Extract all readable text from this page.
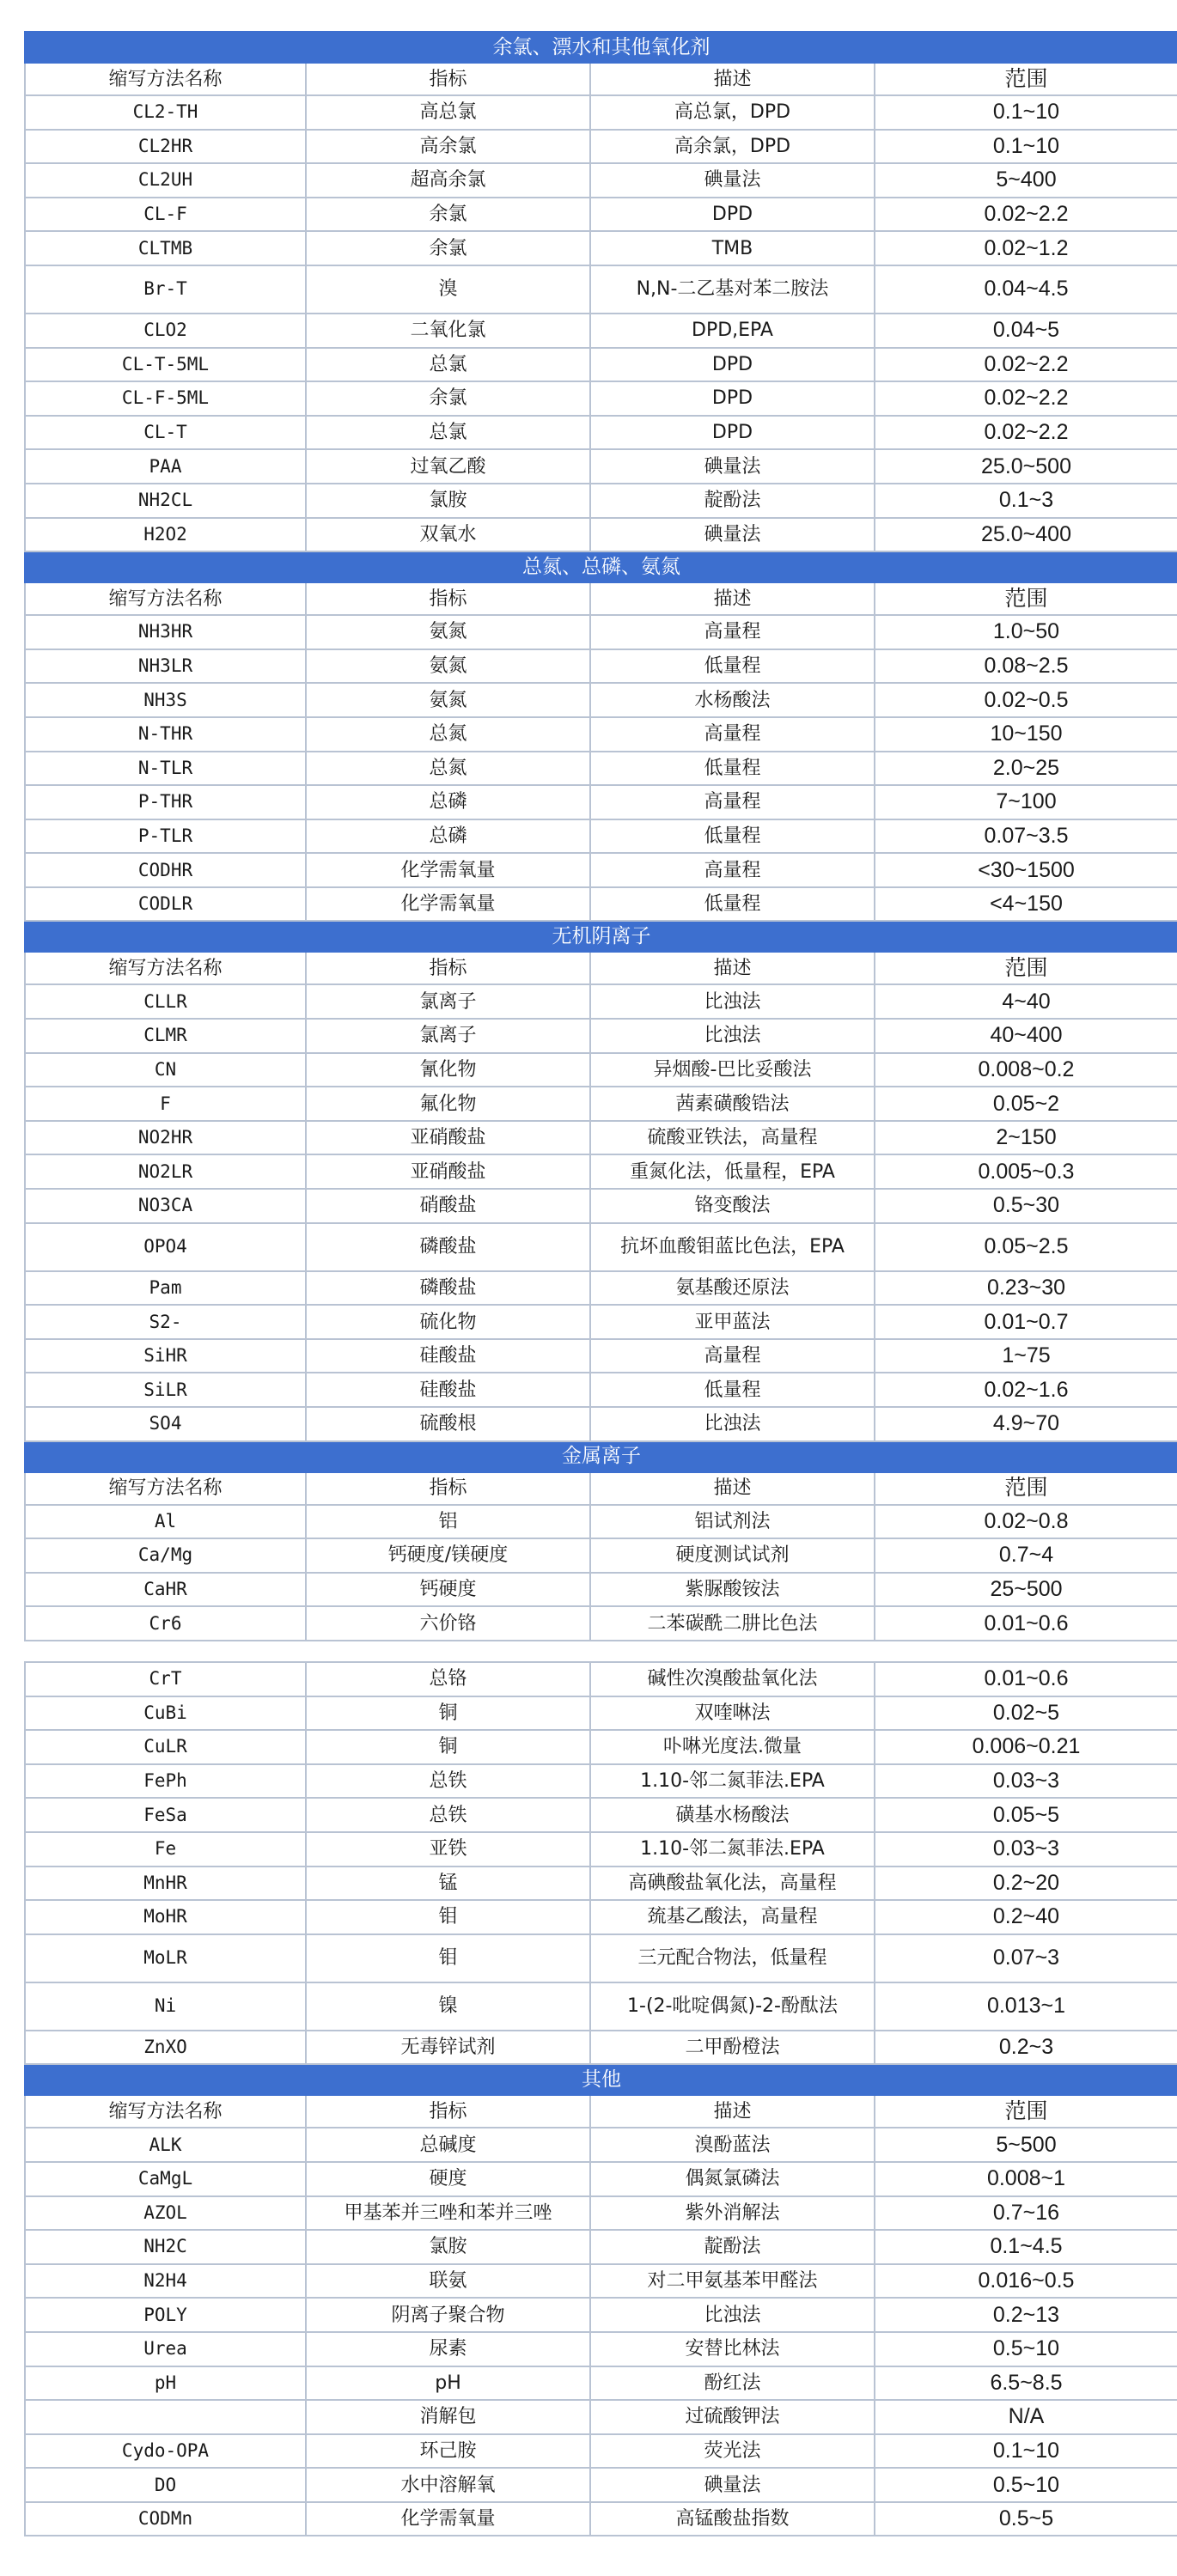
余氯、漂水和其他氧化剂			
缩写方法名称	指标	描述	范围
CL2-TH	高总氯	高总氯，DPD	0.1~10
CL2HR	高余氯	高余氯，DPD	0.1~10
CL2UH	超高余氯	碘量法	5~400
CL-F	余氯	DPD	0.02~2.2
CLTMB	余氯	TMB	0.02~1.2
Br-T	溴	N,N-二乙基对苯二胺法	0.04~4.5
CLO2	二氧化氯	DPD,EPA	0.04~5
CL-T-5ML	总氯	DPD	0.02~2.2
CL-F-5ML	余氯	DPD	0.02~2.2
CL-T	总氯	DPD	0.02~2.2
PAA	过氧乙酸	碘量法	25.0~500
NH2CL	氯胺	靛酚法	0.1~3
H2O2	双氧水	碘量法	25.0~400
总氮、总磷、氨氮			
缩写方法名称	指标	描述	范围
NH3HR	氨氮	高量程	1.0~50
NH3LR	氨氮	低量程	0.08~2.5
NH3S	氨氮	水杨酸法	0.02~0.5
N-THR	总氮	高量程	10~150
N-TLR	总氮	低量程	2.0~25
P-THR	总磷	高量程	7~100
P-TLR	总磷	低量程	0.07~3.5
CODHR	化学需氧量	高量程	<30~1500
CODLR	化学需氧量	低量程	<4~150
无机阴离子			
缩写方法名称	指标	描述	范围
CLLR	氯离子	比浊法	4~40
CLMR	氯离子	比浊法	40~400
CN	氰化物	异烟酸-巴比妥酸法	0.008~0.2
F	氟化物	茜素磺酸锆法	0.05~2
NO2HR	亚硝酸盐	硫酸亚铁法，高量程	2~150
NO2LR	亚硝酸盐	重氮化法，低量程，EPA	0.005~0.3
NO3CA	硝酸盐	铬变酸法	0.5~30
OPO4	磷酸盐	抗坏血酸钼蓝比色法，EPA	0.05~2.5
Pam	磷酸盐	氨基酸还原法	0.23~30
S2-	硫化物	亚甲蓝法	0.01~0.7
SiHR	硅酸盐	高量程	1~75
SiLR	硅酸盐	低量程	0.02~1.6
SO4	硫酸根	比浊法	4.9~70
金属离子			
缩写方法名称	指标	描述	范围
Al	铝	铝试剂法	0.02~0.8
Ca/Mg	钙硬度/镁硬度	硬度测试试剂	0.7~4
CaHR	钙硬度	紫脲酸铵法	25~500
Cr6	六价铬	二苯碳酰二肼比色法	0.01~0.6
CrT	总铬	碱性次溴酸盐氧化法	0.01~0.6
CuBi	铜	双喹啉法	0.02~5
CuLR	铜	卟啉光度法.微量	0.006~0.21
FePh	总铁	1.10-邻二氮菲法.EPA	0.03~3
FeSa	总铁	磺基水杨酸法	0.05~5
Fe	亚铁	1.10-邻二氮菲法.EPA	0.03~3
MnHR	锰	高碘酸盐氧化法，高量程	0.2~20
MoHR	钼	巯基乙酸法，高量程	0.2~40
MoLR	钼	三元配合物法，低量程	0.07~3
Ni	镍	1-(2-吡啶偶氮)-2-酚酞法	0.013~1
ZnXO	无毒锌试剂	二甲酚橙法	0.2~3
其他			
缩写方法名称	指标	描述	范围
ALK	总碱度	溴酚蓝法	5~500
CaMgL	硬度	偶氮氯磷法	0.008~1
AZOL	甲基苯并三唑和苯并三唑	紫外消解法	0.7~16
NH2C	氯胺	靛酚法	0.1~4.5
N2H4	联氨	对二甲氨基苯甲醛法	0.016~0.5
POLY	阴离子聚合物	比浊法	0.2~13
Urea	尿素	安替比林法	0.5~10
pH	pH	酚红法	6.5~8.5
	消解包	过硫酸钾法	N/A
Cydo-OPA	环己胺	荧光法	0.1~10
DO	水中溶解氧	碘量法	0.5~10
CODMn	化学需氧量	高锰酸盐指数	0.5~5
